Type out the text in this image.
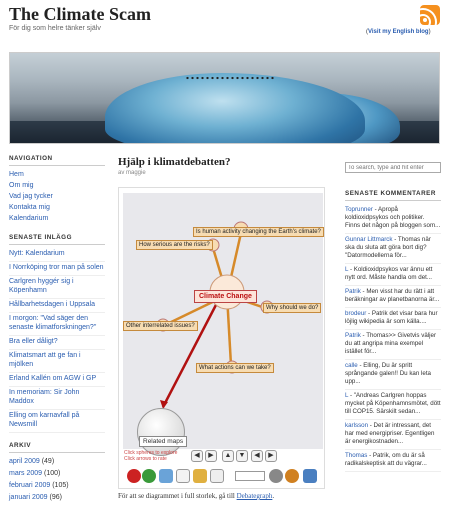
The Climate Scam
För dig som helre tänker själv	(Visit my English blog)
NAVIGATION
Hem
Om mig
Vad jag tycker
Kontakta mig
Kalendarium
SENASTE INLÄGG
Nytt: Kalendarium
I Norrköping tror man på solen
Carlgren hyggér sig i Köpenhamn
Hållbarhetsdagen i Uppsala
I morgon: "Vad säger den senaste klimatforskningen?"
Bra eller dåligt?
Klimatsmart att ge fan i mjölken
Erland Kallén om AGW i GP
In memoriam: Sir John Maddox
Elling om karnavfall på Newsmill
ARKIV
april 2009 (49)
mars 2009 (100)
februari 2009 (105)
januari 2009 (96)
Hjälp i klimatdebatten?
av maggie
Is human activity changing the Earth's climate?
How serious are the risks?
Climate Change
Why should we do?
Other interrelated issues?
What actions can we take?
Related maps
Click spheres to explore
Click arrows to rate	◀	▶	▲	▼	◀	▶
För att se diagrammet i full storlek, gå till Debategraph.
To search, type and hit enter
SENASTE KOMMENTARER
Toprunner - Apropå koldioxidpsykos och politiker. Finns det någon på bloggen som...
Gunnar Littmarck - Thomas när ska du sluta att göra bort dig? "Datormodellerna för...
L - Koldioxidpsykos var ännu ett nytt ord. Måste handla om det...
Patrik - Men visst har du rätt i att beräkningar av planetbanorna är...
brodeur - Patrik det visar bara hur löjlig wikipedia är som källa....
Patrik - Thomas>> Givetvis väljer du att angripa mina exempel istället för...
calle - Elling, Du är spritt språngande galen!! Du kan leta upp...
L - "Andreas Carlgren hoppas mycket på Köpenhamnsmötet, dött till COP15. Särskilt sedan...
karlsson - Det är intressant, det har med energipriser. Egentligen är energikostnaden...
Thomas - Patrik, om du är så radikalskeptisk att du vägrar...
